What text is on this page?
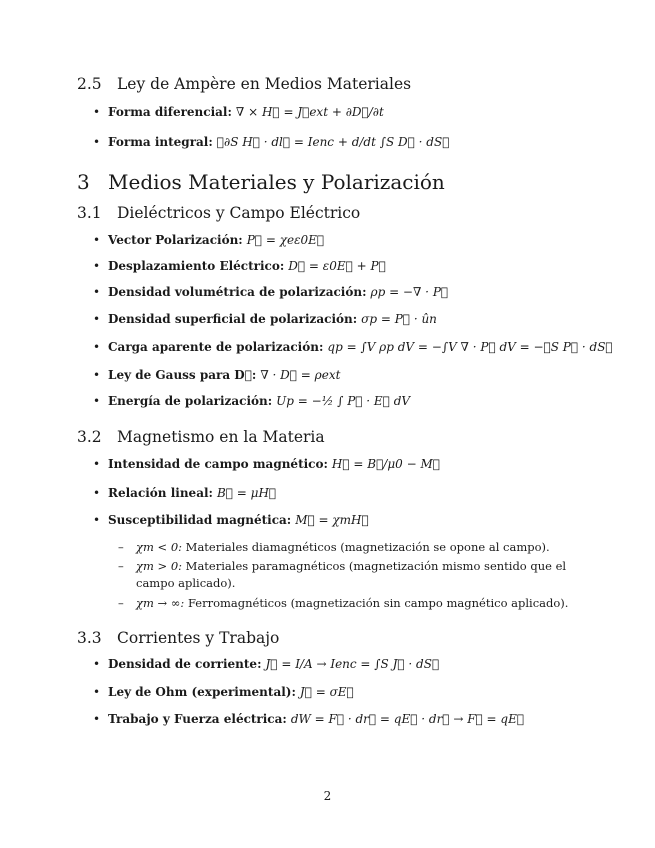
2.5 Ley de Ampère en Medios Materiales
• Forma diferencial: ∇ × H⃗ = J⃗ext + ∂D⃗/∂t
• Forma integral: ∮∂S H⃗ · dl⃗ = Ienc + d/dt ∫S D⃗ · dS⃗
3 Medios Materiales y Polarización
3.1 Dieléctricos y Campo Eléctrico
• Vector Polarización: P⃗ = χeε0E⃗
• Desplazamiento Eléctrico: D⃗ = ε0E⃗ + P⃗
• Densidad volumétrica de polarización: ρp = −∇ · P⃗
• Densidad superficial de polarización: σp = P⃗ · ûn
• Carga aparente de polarización: qp = ∫V ρp dV = −∫V ∇ · P⃗ dV = −∮S P⃗ · dS⃗
• Ley de Gauss para D⃗: ∇ · D⃗ = ρext
• Energía de polarización: Up = −½ ∫ P⃗ · E⃗ dV
3.2 Magnetismo en la Materia
• Intensidad de campo magnético: H⃗ = B⃗/μ0 − M⃗
• Relación lineal: B⃗ = μH⃗
• Susceptibilidad magnética: M⃗ = χmH⃗
– χm < 0: Materiales diamagnéticos (magnetización se opone al campo).
– χm > 0: Materiales paramagnéticos (magnetización mismo sentido que el campo aplicado).
– χm → ∞: Ferromagnéticos (magnetización sin campo magnético aplicado).
3.3 Corrientes y Trabajo
• Densidad de corriente: J⃗ = I/A → Ienc = ∫S J⃗ · dS⃗
• Ley de Ohm (experimental): J⃗ = σE⃗
• Trabajo y Fuerza eléctrica: dW = F⃗ · dr⃗ = qE⃗ · dr⃗ → F⃗ = qE⃗
2
